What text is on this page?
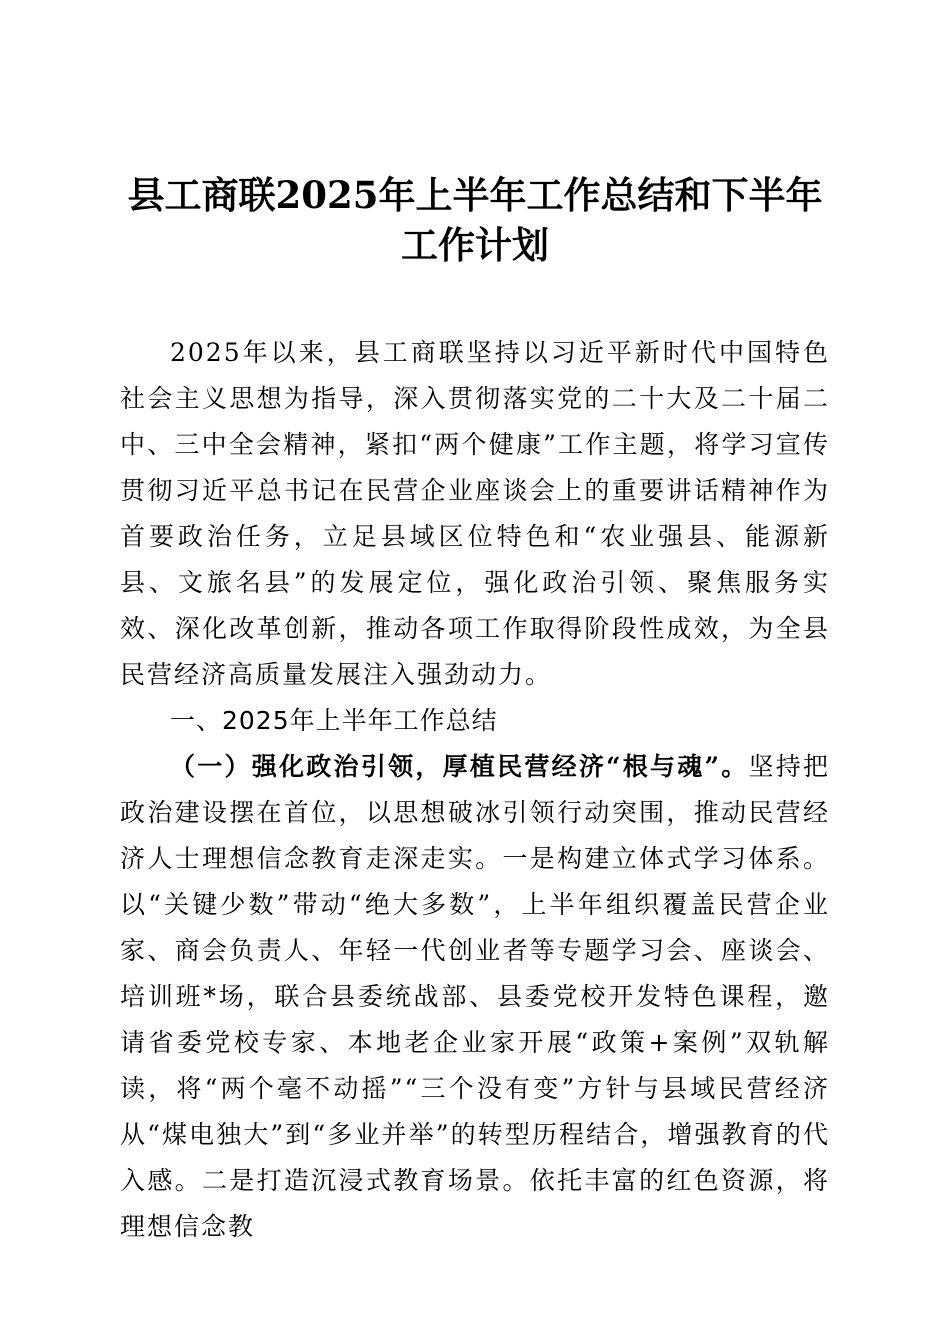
县工商联2025年上半年工作总结和下半年工作计划

2025年以来，县工商联坚持以习近平新时代中国特色社会主义思想为指导，深入贯彻落实党的二十大及二十届二中、三中全会精神，紧扣“两个健康”工作主题，将学习宣传贯彻习近平总书记在民营企业座谈会上的重要讲话精神作为首要政治任务，立足县域区位特色和“农业强县、能源新县、文旅名县”的发展定位，强化政治引领、聚焦服务实效、深化改革创新，推动各项工作取得阶段性成效，为全县民营经济高质量发展注入强劲动力。

一、2025年上半年工作总结

（一）强化政治引领，厚植民营经济“根与魂”。坚持把政治建设摆在首位，以思想破冰引领行动突围，推动民营经济人士理想信念教育走深走实。一是构建立体式学习体系。以“关键少数”带动“绝大多数”，上半年组织覆盖民营企业家、商会负责人、年轻一代创业者等专题学习会、座谈会、培训班*场，联合县委统战部、县委党校开发特色课程，邀请省委党校专家、本地老企业家开展“政策+案例”双轨解读，将“两个毫不动摇”“三个没有变”方针与县域民营经济从“煤电独大”到“多业并举”的转型历程结合，增强教育的代入感。二是打造沉浸式教育场景。依托丰富的红色资源，将理想信念教
